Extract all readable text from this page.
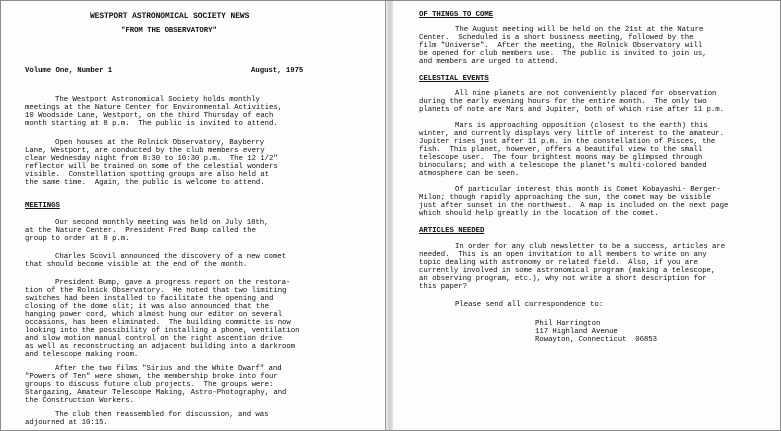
WESTPORT ASTRONOMICAL SOCIETY NEWS

"FROM THE OBSERVATORY"

Volume One, Number 1	August, 1975

The Westport Astronomical Society holds monthly

meetings at the Nature Center for Environmental Activities,

10 Woodside Lane, Westport, on the third Thursday of each

month starting at 8 p.m.  The public is invited to attend.

Open houses at the Rolnick Observatory, Bayberry

Lane, Westport, are conducted by the club members every

clear Wednesday night from 8:30 to 10:30 p.m.  The 12 1/2"

reflector will be trained on some of the celestial wonders

visible.  Constellation spotting groups are also held at

the same time.  Again, the public is welcome to attend.

MEETINGS

Our second monthly meeting was held on July 18th,

at the Nature Center.  President Fred Bump called the

group to order at 8 p.m.

Charles Scovil announced the discovery of a new comet

that should become visible at the end of the month.

President Bump, gave a progress report on the restora-

tion of the Rolnick Observatory.  He noted that two limiting

switches had been installed to facilitate the opening and

closing of the dome slit; it was also announced that the

hanging power cord, which almost hung our editor on several

occasions, has been eliminated.  The building committe is now

looking into the possibility of installing a phone, ventilation

and slow motion manual control on the right ascention drive

as well as reconstructing an adjacent building into a darkroom

and telescope making room.

After the two films "Sirius and the White Dwarf" and

"Powers of Ten" were shown, the membership broke into four

groups to discuss future club projects.  The groups were:

Stargazing, Amateur Telescope Making, Astro-Photography, and

the Construction Workers.

The club then reassembled for discussion, and was

adjourned at 10:15.

OF THINGS TO COME

The August meeting will be held on the 21st at the Nature

Center.  Scheduled is a short business meeting, followed by the

film "Universe".  After the meeting, the Rolnick Observatory will

be opened for club members use.  The public is invited to join us,

and members are urged to attend.

CELESTIAL EVENTS

All nine planets are not conveniently placed for observation

during the early evening hours for the entire month.  The only two

planets of note are Mars and Jupiter, both of which rise after 11 p.m.

Mars is approaching opposition (closest to the earth) this

winter, and currently displays very little of interest to the amateur.

Jupiter rises just after 11 p.m. in the constellation of Pisces, the

fish.  This planet, however, offers a beautiful view to the small

telescope user.  The four brightest moons may be glimpsed through

binoculars; and with a telescope the planet's multi-colored banded

atmosphere can be seen.

Of particular interest this month is Comet Kobayashi- Berger-

Milon; though rapidly approaching the sun, the comet may be visible

just after sunset in the northwest.  A map is included on the next page

which should help greatly in the location of the comet.

ARTICLES NEEDED

In order for any club newsletter to be a success, articles are

needed.  This is an open invitation to all members to write on any

topic dealing with astronomy or related field.  Also, if you are

currently involved in some astronomical program (making a telescope,

an observing program, etc.), why not write a short description for

this paper?

Please send all correspondence to:

Phil Harrington

117 Highland Avenue

Rowayton, Connecticut  06853
